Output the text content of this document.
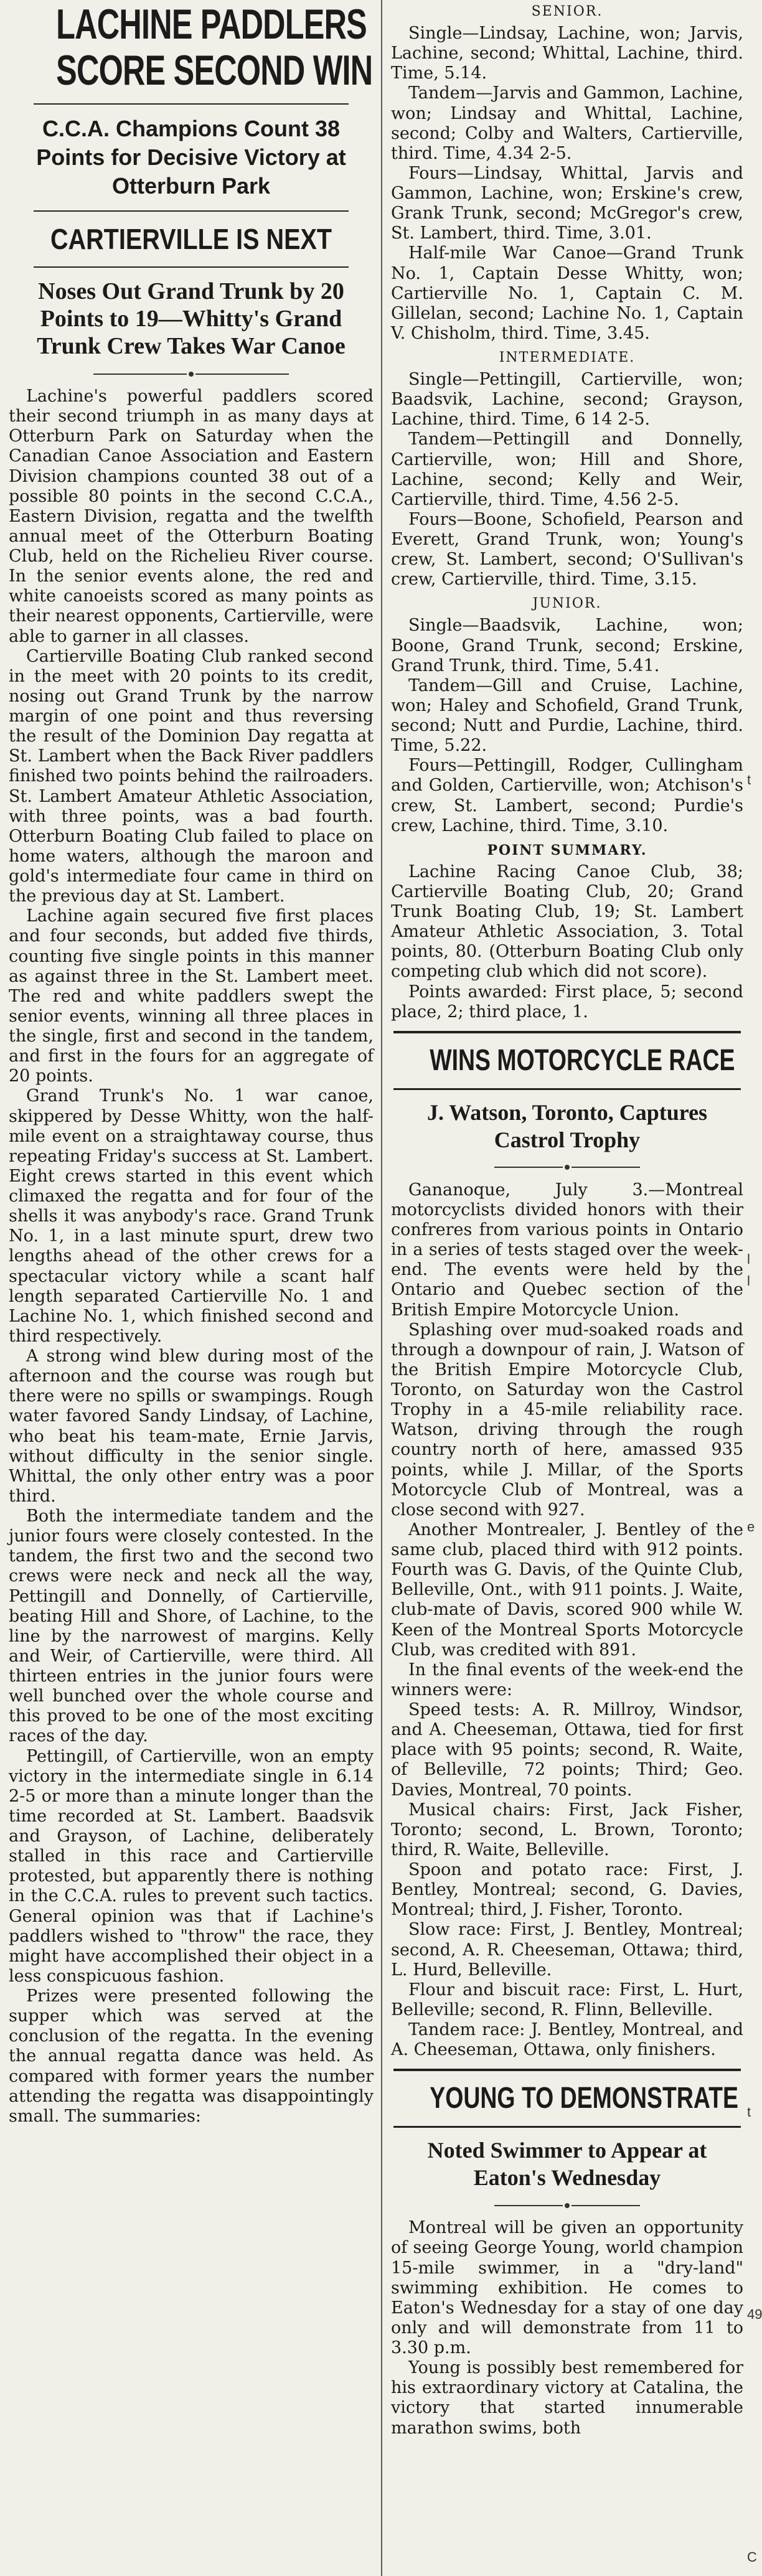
LACHINE PADDLERS
SCORE SECOND WIN
C.C.A. Champions Count 38 Points for Decisive Victory at Otterburn Park
CARTIERVILLE IS NEXT
Noses Out Grand Trunk by 20 Points to 19—Whitty's Grand Trunk Crew Takes War Canoe

Lachine's powerful paddlers scored their second triumph in as many days at Otterburn Park on Saturday when the Canadian Canoe Association and Eastern Division champions counted 38 out of a possible 80 points in the second C.C.A., Eastern Division, regatta and the twelfth annual meet of the Otterburn Boating Club, held on the Richelieu River course. In the senior events alone, the red and white canoeists scored as many points as their nearest opponents, Cartierville, were able to garner in all classes.

Cartierville Boating Club ranked second in the meet with 20 points to its credit, nosing out Grand Trunk by the narrow margin of one point and thus reversing the result of the Dominion Day regatta at St. Lambert when the Back River paddlers finished two points behind the railroaders. St. Lambert Amateur Athletic Association, with three points, was a bad fourth. Otterburn Boating Club failed to place on home waters, although the maroon and gold's intermediate four came in third on the previous day at St. Lambert.

Lachine again secured five first places and four seconds, but added five thirds, counting five single points in this manner as against three in the St. Lambert meet. The red and white paddlers swept the senior events, winning all three places in the single, first and second in the tandem, and first in the fours for an aggregate of 20 points.

Grand Trunk's No. 1 war canoe, skippered by Desse Whitty, won the half-mile event on a straightaway course, thus repeating Friday's success at St. Lambert. Eight crews started in this event which climaxed the regatta and for four of the shells it was anybody's race. Grand Trunk No. 1, in a last minute spurt, drew two lengths ahead of the other crews for a spectacular victory while a scant half length separated Cartierville No. 1 and Lachine No. 1, which finished second and third respectively.

A strong wind blew during most of the afternoon and the course was rough but there were no spills or swampings. Rough water favored Sandy Lindsay, of Lachine, who beat his team-mate, Ernie Jarvis, without difficulty in the senior single. Whittal, the only other entry was a poor third.

Both the intermediate tandem and the junior fours were closely contested. In the tandem, the first two and the second two crews were neck and neck all the way, Pettingill and Donnelly, of Cartierville, beating Hill and Shore, of Lachine, to the line by the narrowest of margins. Kelly and Weir, of Cartierville, were third. All thirteen entries in the junior fours were well bunched over the whole course and this proved to be one of the most exciting races of the day.

Pettingill, of Cartierville, won an empty victory in the intermediate single in 6.14 2-5 or more than a minute longer than the time recorded at St. Lambert. Baadsvik and Grayson, of Lachine, deliberately stalled in this race and Cartierville protested, but apparently there is nothing in the C.C.A. rules to prevent such tactics. General opinion was that if Lachine's paddlers wished to "throw" the race, they might have accomplished their object in a less conspicuous fashion.

Prizes were presented following the supper which was served at the conclusion of the regatta. In the evening the annual regatta dance was held. As compared with former years the number attending the regatta was disappointingly small. The summaries:

SENIOR.

Single—Lindsay, Lachine, won; Jarvis, Lachine, second; Whittal, Lachine, third. Time, 5.14.

Tandem—Jarvis and Gammon, Lachine, won; Lindsay and Whittal, Lachine, second; Colby and Walters, Cartierville, third. Time, 4.34 2-5.

Fours—Lindsay, Whittal, Jarvis and Gammon, Lachine, won; Erskine's crew, Grank Trunk, second; McGregor's crew, St. Lambert, third. Time, 3.01.

Half-mile War Canoe—Grand Trunk No. 1, Captain Desse Whitty, won; Cartierville No. 1, Captain C. M. Gillelan, second; Lachine No. 1, Captain V. Chisholm, third. Time, 3.45.

INTERMEDIATE.

Single—Pettingill, Cartierville, won; Baadsvik, Lachine, second; Grayson, Lachine, third. Time, 6 14 2-5.

Tandem—Pettingill and Donnelly, Cartierville, won; Hill and Shore, Lachine, second; Kelly and Weir, Cartierville, third. Time, 4.56 2-5.

Fours—Boone, Schofield, Pearson and Everett, Grand Trunk, won; Young's crew, St. Lambert, second; O'Sullivan's crew, Cartierville, third. Time, 3.15.

JUNIOR.

Single—Baadsvik, Lachine, won; Boone, Grand Trunk, second; Erskine, Grand Trunk, third. Time, 5.41.

Tandem—Gill and Cruise, Lachine, won; Haley and Schofield, Grand Trunk, second; Nutt and Purdie, Lachine, third. Time, 5.22.

Fours—Pettingill, Rodger, Cullingham and Golden, Cartierville, won; Atchison's crew, St. Lambert, second; Purdie's crew, Lachine, third. Time, 3.10.

POINT SUMMARY.

Lachine Racing Canoe Club, 38; Cartierville Boating Club, 20; Grand Trunk Boating Club, 19; St. Lambert Amateur Athletic Association, 3. Total points, 80. (Otterburn Boating Club only competing club which did not score).

Points awarded: First place, 5; second place, 2; third place, 1.

WINS MOTORCYCLE RACE
J. Watson, Toronto, Captures Castrol Trophy

Gananoque, July 3.—Montreal motorcyclists divided honors with their confreres from various points in Ontario in a series of tests staged over the week-end. The events were held by the Ontario and Quebec section of the British Empire Motorcycle Union.

Splashing over mud-soaked roads and through a downpour of rain, J. Watson of the British Empire Motorcycle Club, Toronto, on Saturday won the Castrol Trophy in a 45-mile reliability race. Watson, driving through the rough country north of here, amassed 935 points, while J. Millar, of the Sports Motorcycle Club of Montreal, was a close second with 927.

Another Montrealer, J. Bentley of the same club, placed third with 912 points. Fourth was G. Davis, of the Quinte Club, Belleville, Ont., with 911 points. J. Waite, club-mate of Davis, scored 900 while W. Keen of the Montreal Sports Motorcycle Club, was credited with 891.

In the final events of the week-end the winners were:

Speed tests: A. R. Millroy, Windsor, and A. Cheeseman, Ottawa, tied for first place with 95 points; second, R. Waite, of Belleville, 72 points; Third; Geo. Davies, Montreal, 70 points.

Musical chairs: First, Jack Fisher, Toronto; second, L. Brown, Toronto; third, R. Waite, Belleville.

Spoon and potato race: First, J. Bentley, Montreal; second, G. Davies, Montreal; third, J. Fisher, Toronto.

Slow race: First, J. Bentley, Montreal; second, A. R. Cheeseman, Ottawa; third, L. Hurd, Belleville.

Flour and biscuit race: First, L. Hurt, Belleville; second, R. Flinn, Belleville.

Tandem race: J. Bentley, Montreal, and A. Cheeseman, Ottawa, only finishers.

YOUNG TO DEMONSTRATE
Noted Swimmer to Appear at Eaton's Wednesday

Montreal will be given an opportunity of seeing George Young, world champion 15-mile swimmer, in a "dry-land" swimming exhibition. He comes to Eaton's Wednesday for a stay of one day only and will demonstrate from 11 to 3.30 p.m.

Young is possibly best remembered for his extraordinary victory at Catalina, the victory that started innumerable marathon swims, both

t
l
l
e
t
49
C
